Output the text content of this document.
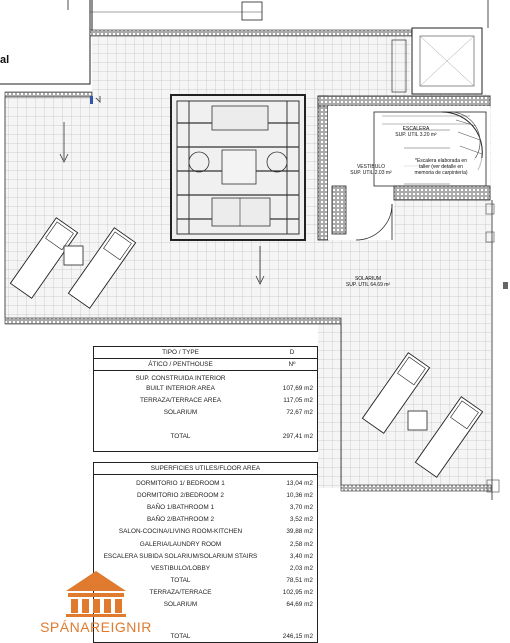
al
ESCALERA
SUP. UTIL 3.20 m²
*Escalera elaborada en
taller (ver detalle en
memoria de carpintería)
VESTIBULO
SUP. UTIL 2.03 m²
SOLARIUM
SUP. UTIL 64.69 m²
TIPO / TYPE	D
ÁTICO / PENTHOUSE	Nº
SUP. CONSTRUIDA INTERIOR
BUILT INTERIOR AREA	107,69 m2
TERRAZA/TERRACE AREA	117,05 m2
SOLARIUM	72,67 m2
TOTAL	297,41 m2
SUPERFICIES UTILES/FLOOR AREA
DORMITORIO 1/ BEDROOM 1	13,04 m2
DORMITORIO 2/BEDROOM 2	10,36 m2
BAÑO 1/BATHROOM 1	3,70 m2
BAÑO 2/BATHROOM 2	3,52 m2
SALON-COCINA/LIVING ROOM-KITCHEN	39,88 m2
GALERIA/LAUNDRY ROOM	2,58 m2
ESCALERA SUBIDA SOLARIUM/SOLARIUM STAIRS	3,40 m2
VESTIBULO/LOBBY	2,03 m2
TOTAL	78,51 m2
TERRAZA/TERRACE	102,95 m2
SOLARIUM	64,69 m2
TOTAL	246,15 m2
SPÁNAREIGNIR
